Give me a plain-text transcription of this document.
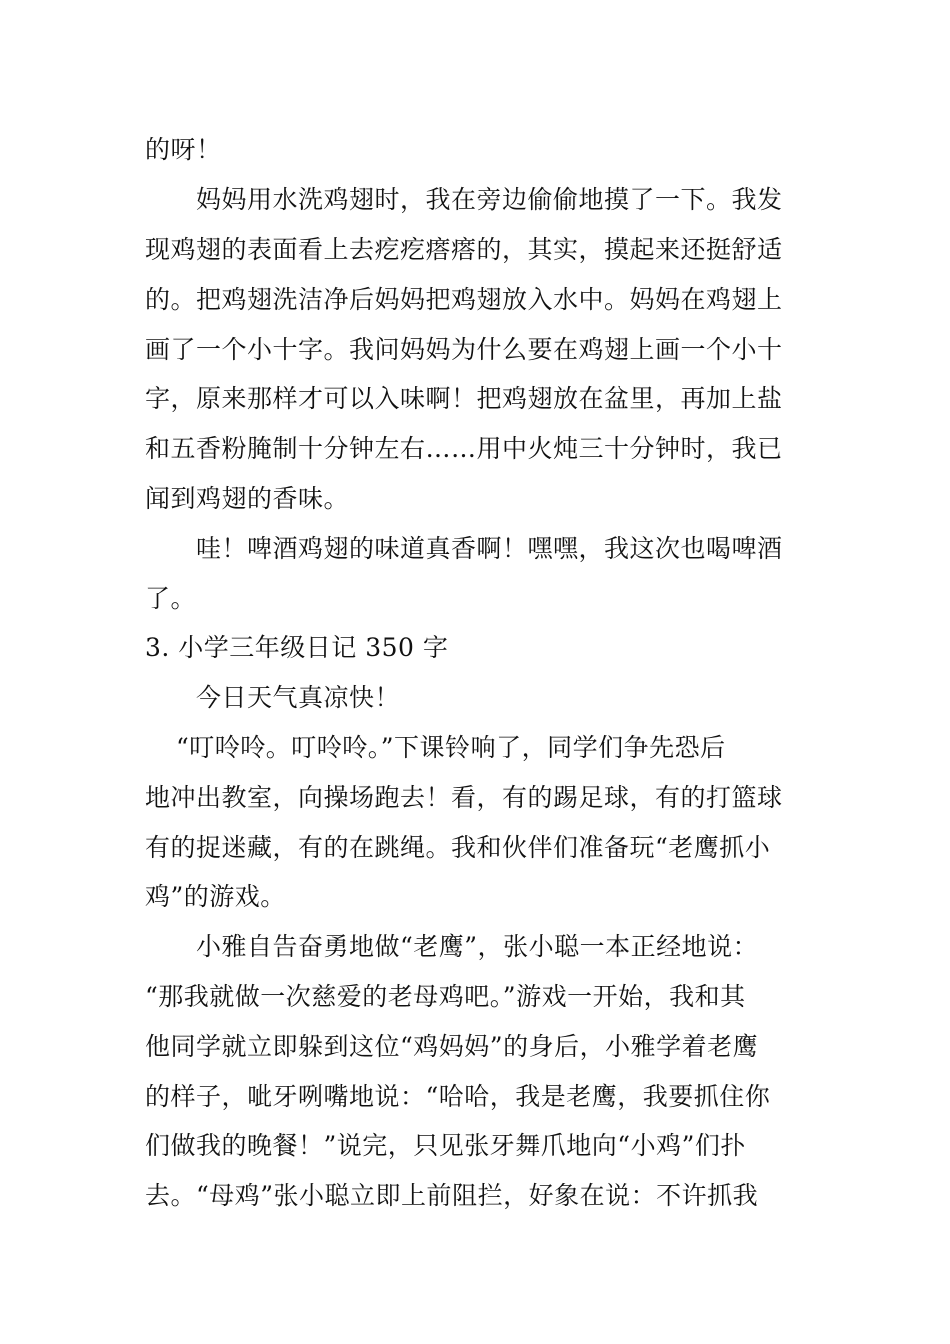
的呀！
妈妈用水洗鸡翅时，我在旁边偷偷地摸了一下。我发
现鸡翅的表面看上去疙疙瘩瘩的，其实，摸起来还挺舒适
的。把鸡翅洗洁净后妈妈把鸡翅放入水中。妈妈在鸡翅上
画了一个小十字。我问妈妈为什么要在鸡翅上画一个小十
字，原来那样才可以入味啊！把鸡翅放在盆里，再加上盐
和五香粉腌制十分钟左右……用中火炖三十分钟时，我已
闻到鸡翅的香味。
哇！啤酒鸡翅的味道真香啊！嘿嘿，我这次也喝啤酒
了。
3. 小学三年级日记 350 字
今日天气真凉快！
“叮呤呤。叮呤呤。”下课铃响了，同学们争先恐后
地冲出教室，向操场跑去！看，有的踢足球，有的打篮球
有的捉迷藏，有的在跳绳。我和伙伴们准备玩“老鹰抓小
鸡”的游戏。
小雅自告奋勇地做“老鹰”，张小聪一本正经地说：
“那我就做一次慈爱的老母鸡吧。”游戏一开始，我和其
他同学就立即躲到这位“鸡妈妈”的身后，小雅学着老鹰
的样子，呲牙咧嘴地说：“哈哈，我是老鹰，我要抓住你
们做我的晚餐！”说完，只见张牙舞爪地向“小鸡”们扑
去。“母鸡”张小聪立即上前阻拦，好象在说：不许抓我
